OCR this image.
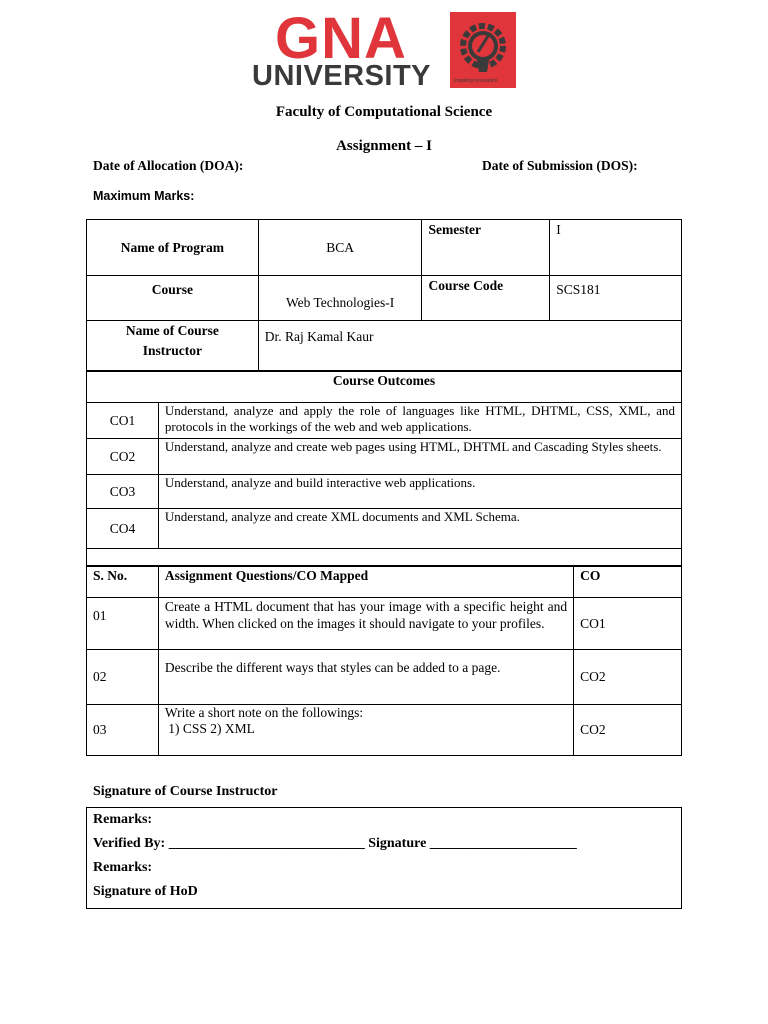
GNA
UNIVERSITY	Inspiring Innovation
Faculty of Computational Science
Assignment – I
Date of Allocation (DOA):	Date of Submission (DOS):
Maximum Marks:
Name of Program	BCA	Semester	I

Course	Web Technologies-I	Course Code	SCS181

Name of Course Instructor	Dr. Raj Kamal Kaur		
Course Outcomes	

CO1	Understand, analyze and apply the role of languages like HTML, DHTML, CSS, XML, and protocols in the workings of the web and web applications.

CO2	Understand, analyze and create web pages using HTML, DHTML and Cascading Styles sheets.

CO3	Understand, analyze and build interactive web applications.

CO4	Understand, analyze and create XML documents and XML Schema.

S. No.	Assignment Questions/CO Mapped	CO

01	Create a HTML document that has your image with a specific height and width. When clicked on the images it should navigate to your profiles.	CO1

02	Describe the different ways that styles can be added to a page.	CO2

03	Write a short note on the followings:
1) CSS 2) XML	CO2
Signature of Course Instructor
Remarks:
Verified By: ____________________________ Signature _____________________
Remarks:
Signature of HoD
